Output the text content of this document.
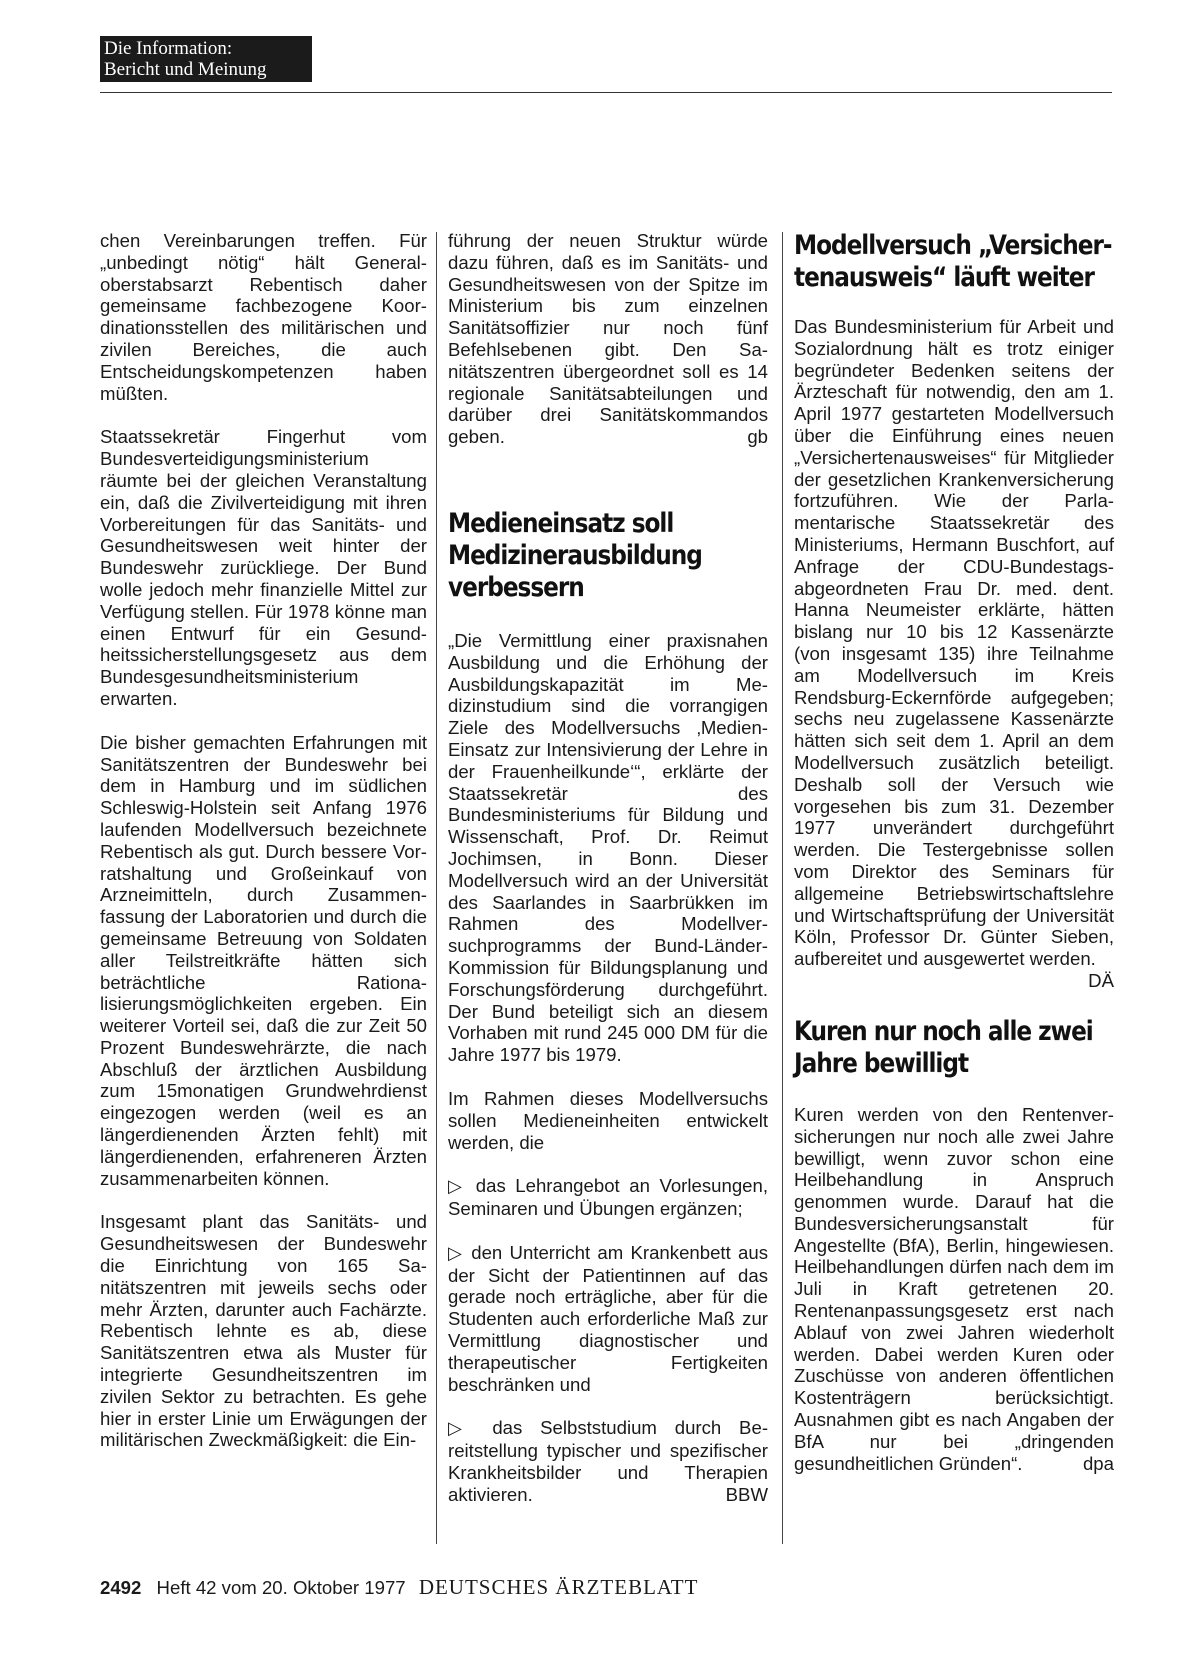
Die Information:
Bericht und Meinung

chen Vereinbarungen treffen. Für „unbedingt nötig“ hält Generaloberstabsarzt Rebentisch daher gemeinsame fachbezogene Koordinationsstellen des militärischen und zivilen Bereiches, die auch Entscheidungskompetenzen haben müßten.

Staatssekretär Fingerhut vom Bundesverteidigungsministerium räumte bei der gleichen Veranstaltung ein, daß die Zivilverteidigung mit ihren Vorbereitungen für das Sanitäts- und Gesundheitswesen weit hinter der Bundeswehr zurückliege. Der Bund wolle jedoch mehr finanzielle Mittel zur Verfügung stellen. Für 1978 könne man einen Entwurf für ein Gesundheitssicherstellungsgesetz aus dem Bundesgesundheitsministerium erwarten.

Die bisher gemachten Erfahrungen mit Sanitätszentren der Bundeswehr bei dem in Hamburg und im südlichen Schleswig-Holstein seit Anfang 1976 laufenden Modellversuch bezeichnete Rebentisch als gut. Durch bessere Vorratshaltung und Großeinkauf von Arzneimitteln, durch Zusammenfassung der Laboratorien und durch die gemeinsame Betreuung von Soldaten aller Teilstreitkräfte hätten sich beträchtliche Rationalisierungsmöglichkeiten ergeben. Ein weiterer Vorteil sei, daß die zur Zeit 50 Prozent Bundeswehrärzte, die nach Abschluß der ärztlichen Ausbildung zum 15monatigen Grundwehrdienst eingezogen werden (weil es an längerdienenden Ärzten fehlt) mit längerdienenden, erfahreneren Ärzten zusammenarbeiten können.

Insgesamt plant das Sanitäts- und Gesundheitswesen der Bundeswehr die Einrichtung von 165 Sanitätszentren mit jeweils sechs oder mehr Ärzten, darunter auch Fachärzte. Rebentisch lehnte es ab, diese Sanitätszentren etwa als Muster für integrierte Gesundheitszentren im zivilen Sektor zu betrachten. Es gehe hier in erster Linie um Erwägungen der militärischen Zweckmäßigkeit: die Ein-

führung der neuen Struktur würde dazu führen, daß es im Sanitäts- und Gesundheitswesen von der Spitze im Ministerium bis zum einzelnen Sanitätsoffizier nur noch fünf Befehlsebenen gibt. Den Sanitätszentren übergeordnet soll es 14 regionale Sanitätsabteilungen und darüber drei Sanitätskommandos geben.	gb

Medieneinsatz soll Medizinerausbildung verbessern

„Die Vermittlung einer praxisnahen Ausbildung und die Erhöhung der Ausbildungskapazität im Medizinstudium sind die vorrangigen Ziele des Modellversuchs ‚Medien-Einsatz zur Intensivierung der Lehre in der Frauenheilkunde‘“, erklärte der Staatssekretär des Bundesministeriums für Bildung und Wissenschaft, Prof. Dr. Reimut Jochimsen, in Bonn. Dieser Modellversuch wird an der Universität des Saarlandes in Saarbrükken im Rahmen des Modellversuchprogramms der Bund-Länder-Kommission für Bildungsplanung und Forschungsförderung durchgeführt. Der Bund beteiligt sich an diesem Vorhaben mit rund 245 000 DM für die Jahre 1977 bis 1979.

Im Rahmen dieses Modellversuchs sollen Medieneinheiten entwickelt werden, die

▷ das Lehrangebot an Vorlesungen, Seminaren und Übungen ergänzen;

▷ den Unterricht am Krankenbett aus der Sicht der Patientinnen auf das gerade noch erträgliche, aber für die Studenten auch erforderliche Maß zur Vermittlung diagnostischer und therapeutischer Fertigkeiten beschränken und

▷ das Selbststudium durch Bereitstellung typischer und spezifischer Krankheitsbilder und Therapien aktivieren.	BBW

Modellversuch „Versichertenausweis“ läuft weiter

Das Bundesministerium für Arbeit und Sozialordnung hält es trotz einiger begründeter Bedenken seitens der Ärzteschaft für notwendig, den am 1. April 1977 gestarteten Modellversuch über die Einführung eines neuen „Versichertenausweises“ für Mitglieder der gesetzlichen Krankenversicherung fortzuführen. Wie der Parlamentarische Staatssekretär des Ministeriums, Hermann Buschfort, auf Anfrage der CDU-Bundestagsabgeordneten Frau Dr. med. dent. Hanna Neumeister erklärte, hätten bislang nur 10 bis 12 Kassenärzte (von insgesamt 135) ihre Teilnahme am Modellversuch im Kreis Rendsburg-Eckernförde aufgegeben; sechs neu zugelassene Kassenärzte hätten sich seit dem 1. April an dem Modellversuch zusätzlich beteiligt. Deshalb soll der Versuch wie vorgesehen bis zum 31. Dezember 1977 unverändert durchgeführt werden. Die Testergebnisse sollen vom Direktor des Seminars für allgemeine Betriebswirtschaftslehre und Wirtschaftsprüfung der Universität Köln, Professor Dr. Günter Sieben, aufbereitet und ausgewertet werden.
DÄ

Kuren nur noch alle zwei Jahre bewilligt

Kuren werden von den Rentenversicherungen nur noch alle zwei Jahre bewilligt, wenn zuvor schon eine Heilbehandlung in Anspruch genommen wurde. Darauf hat die Bundesversicherungsanstalt für Angestellte (BfA), Berlin, hingewiesen. Heilbehandlungen dürfen nach dem im Juli in Kraft getretenen 20. Rentenanpassungsgesetz erst nach Ablauf von zwei Jahren wiederholt werden. Dabei werden Kuren oder Zuschüsse von anderen öffentlichen Kostenträgern berücksichtigt. Ausnahmen gibt es nach Angaben der BfA nur bei „dringenden gesundheitlichen Gründen“.	dpa

2492 Heft 42 vom 20. Oktober 1977 DEUTSCHES ÄRZTEBLATT
